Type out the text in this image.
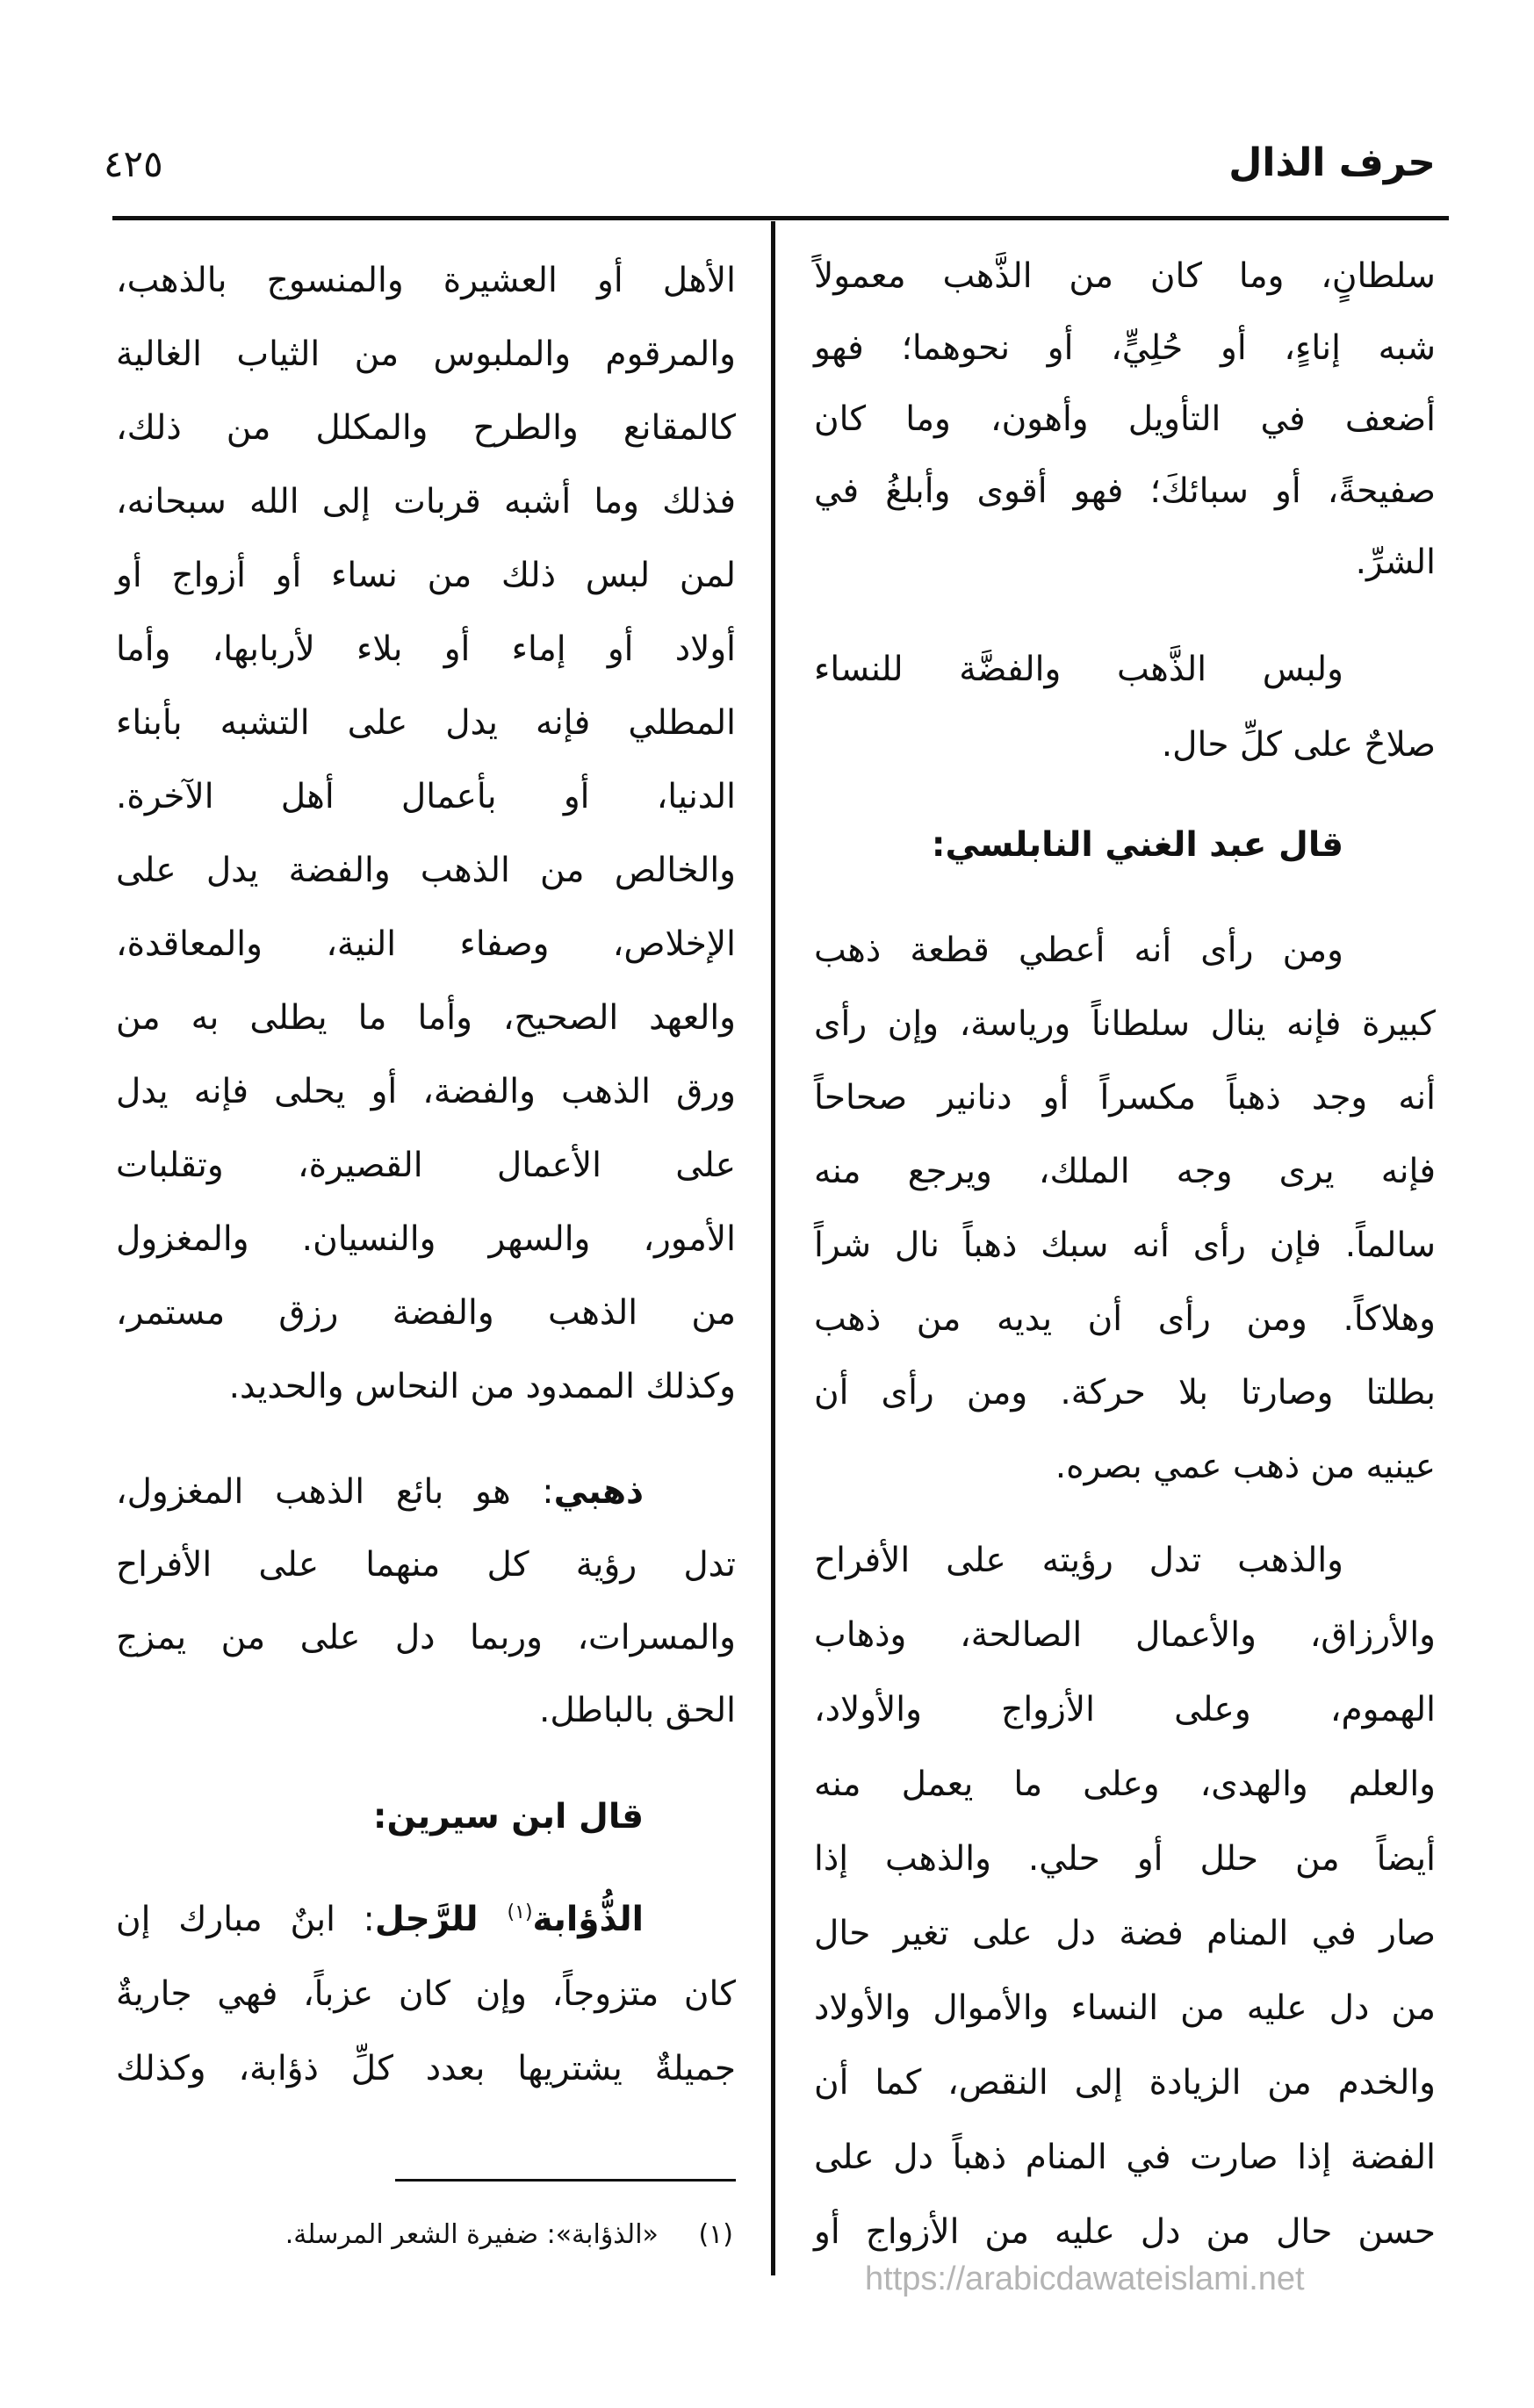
حرف الذال
٤٢٥
سلطانٍ، وما كان من الذَّهب معمولاً
شبه إناءٍ، أو حُلِيٍّ، أو نحوهما؛ فهو
أضعف في التأويل وأهون، وما كان
صفيحةً، أو سبائكَ؛ فهو أقوى وأبلغُ في
الشرِّ.
ولبس الذَّهب والفضَّة للنساء
صلاحٌ على كلِّ حال.
قال عبد الغني النابلسي:
ومن رأى أنه أعطي قطعة ذهب
كبيرة فإنه ينال سلطاناً ورياسة، وإن رأى
أنه وجد ذهباً مكسراً أو دنانير صحاحاً
فإنه يرى وجه الملك، ويرجع منه
سالماً. فإن رأى أنه سبك ذهباً نال شراً
وهلاكاً. ومن رأى أن يديه من ذهب
بطلتا وصارتا بلا حركة. ومن رأى أن
عينيه من ذهب عمي بصره.
والذهب تدل رؤيته على الأفراح
والأرزاق، والأعمال الصالحة، وذهاب
الهموم، وعلى الأزواج والأولاد،
والعلم والهدى، وعلى ما يعمل منه
أيضاً من حلل أو حلي. والذهب إذا
صار في المنام فضة دل على تغير حال
من دل عليه من النساء والأموال والأولاد
والخدم من الزيادة إلى النقص، كما أن
الفضة إذا صارت في المنام ذهباً دل على
حسن حال من دل عليه من الأزواج أو
الأهل أو العشيرة والمنسوج بالذهب،
والمرقوم والملبوس من الثياب الغالية
كالمقانع والطرح والمكلل من ذلك،
فذلك وما أشبه قربات إلى الله سبحانه،
لمن لبس ذلك من نساء أو أزواج أو
أولاد أو إماء أو بلاء لأربابها، وأما
المطلي فإنه يدل على التشبه بأبناء
الدنيا، أو بأعمال أهل الآخرة.
والخالص من الذهب والفضة يدل على
الإخلاص، وصفاء النية، والمعاقدة،
والعهد الصحيح، وأما ما يطلى به من
ورق الذهب والفضة، أو يحلى فإنه يدل
على الأعمال القصيرة، وتقلبات
الأمور، والسهر والنسيان. والمغزول
من الذهب والفضة رزق مستمر،
وكذلك الممدود من النحاس والحديد.
ذهبي: هو بائع الذهب المغزول،
تدل رؤية كل منهما على الأفراح
والمسرات، وربما دل على من يمزج
الحق بالباطل.
قال ابن سيرين:
الذُّؤابة$^{(١)}$ للرَّجل: ابنٌ مبارك إن
كان متزوجاً، وإن كان عزباً، فهي جاريةٌ
جميلةٌ يشتريها بعدد كلِّ ذؤابة، وكذلك
(١) «الذؤابة»: ضفيرة الشعر المرسلة.
https://arabicdawateislami.net
